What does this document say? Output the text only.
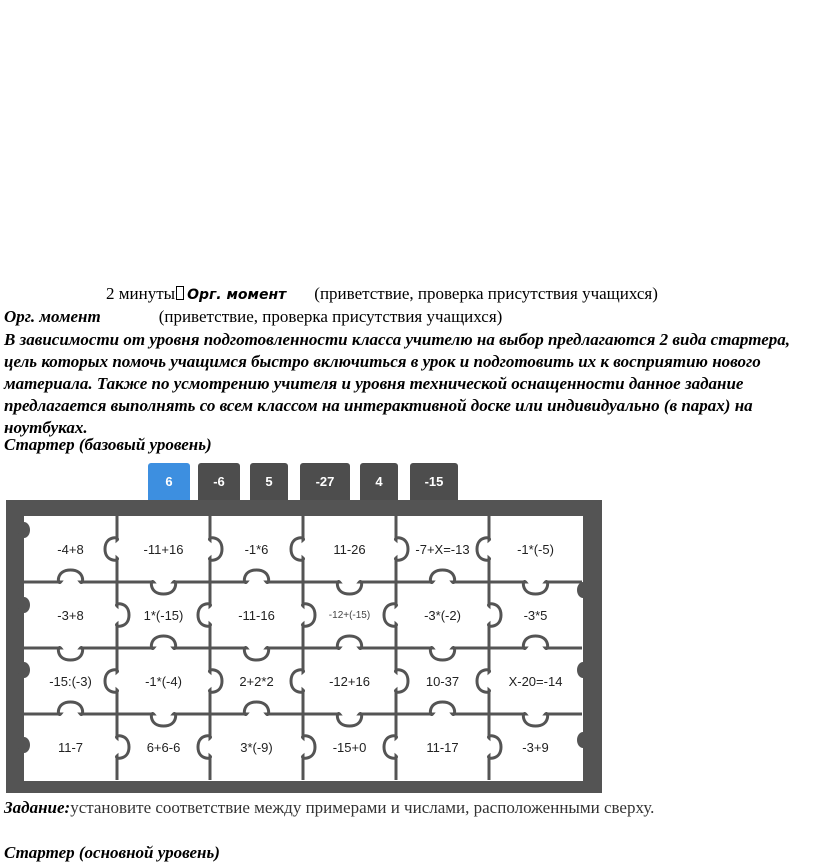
2 минуты Орг. момент (приветствие, проверка присутствия учащихся)
Орг. момент	(приветствие, проверка присутствия учащихся)
В зависимости от уровня подготовленности класса учителю на выбор предлагаются 2 вида стартера, цель которых помочь учащимся быстро включиться в урок и подготовить их к восприятию нового материала. Также по усмотрению учителя и уровня технической оснащенности данное задание предлагается выполнять со всем классом на интерактивной доске или индивидуально (в парах) на ноутбуках.
Стартер (базовый уровень)
6	-6	5	-27	4	-15
-4+8	-11+16	-1*6	11-26	-7+X=-13	-1*(-5)
-3+8	1*(-15)	-11-16	-12+(-15)	-3*(-2)	-3*5
-15:(-3)	-1*(-4)	2+2*2	-12+16	10-37	X-20=-14
11-7	6+6-6	3*(-9)	-15+0	11-17	-3+9
Задание:установите соответствие между примерами и числами, расположенными сверху.
Стартер (основной уровень)
